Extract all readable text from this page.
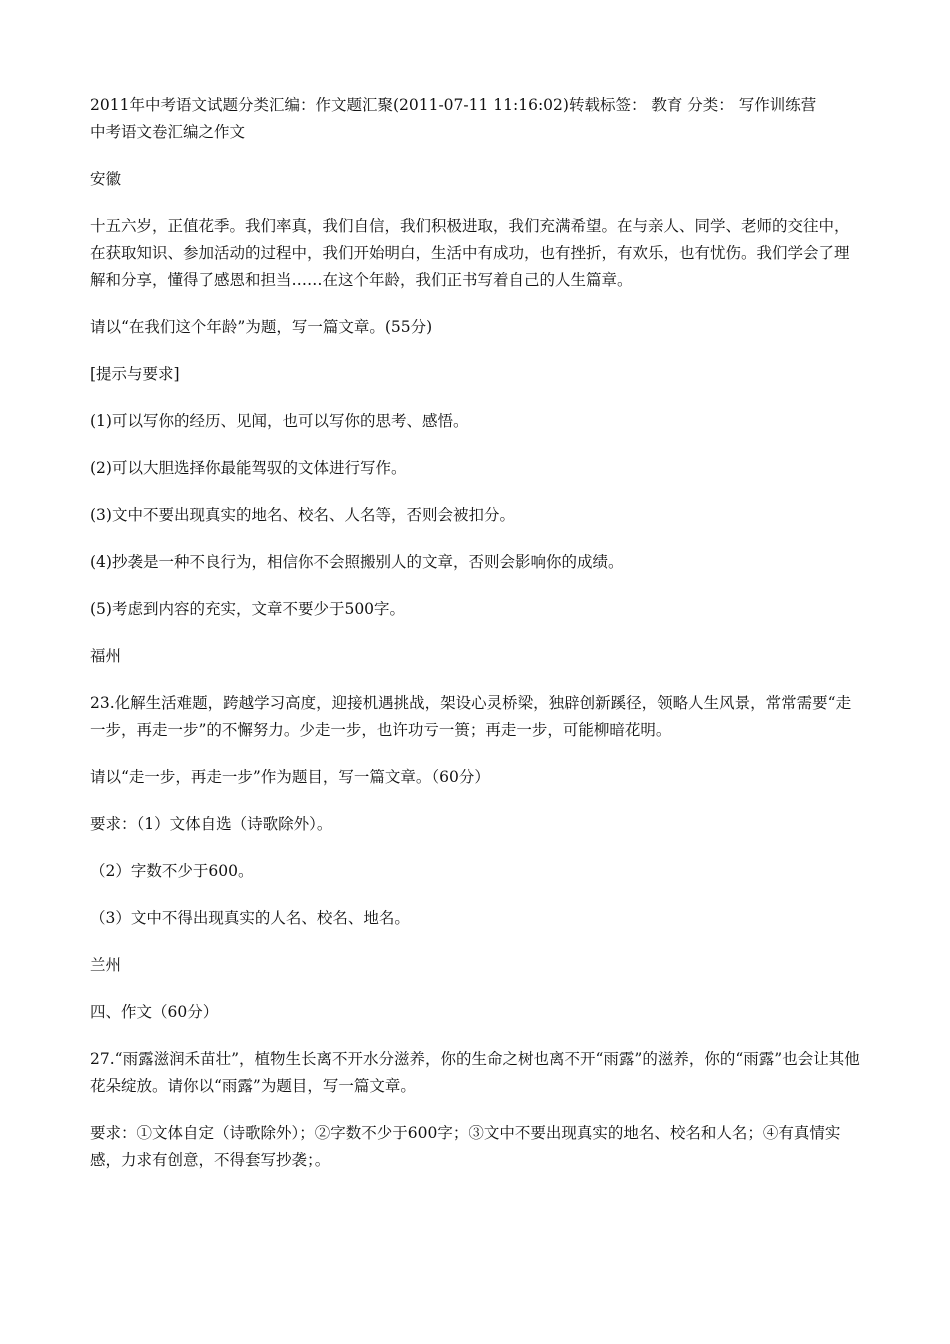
2011年中考语文试题分类汇编：作文题汇聚(2011-07-11 11:16:02)转载标签： 教育 分类： 写作训练营
中考语文卷汇编之作文
安徽
十五六岁，正值花季。我们率真，我们自信，我们积极进取，我们充满希望。在与亲人、同学、老师的交往中，在获取知识、参加活动的过程中，我们开始明白，生活中有成功，也有挫折，有欢乐，也有忧伤。我们学会了理解和分享，懂得了感恩和担当……在这个年龄，我们正书写着自己的人生篇章。
请以“在我们这个年龄”为题，写一篇文章。(55分)
[提示与要求]
(1)可以写你的经历、见闻，也可以写你的思考、感悟。
(2)可以大胆选择你最能驾驭的文体进行写作。
(3)文中不要出现真实的地名、校名、人名等，否则会被扣分。
(4)抄袭是一种不良行为，相信你不会照搬别人的文章，否则会影响你的成绩。
(5)考虑到内容的充实，文章不要少于500字。
福州
23.化解生活难题，跨越学习高度，迎接机遇挑战，架设心灵桥梁，独辟创新蹊径，领略人生风景，常常需要“走一步，再走一步”的不懈努力。少走一步，也许功亏一篑；再走一步，可能柳暗花明。
请以“走一步，再走一步”作为题目，写一篇文章。（60分）
要求：（1）文体自选（诗歌除外）。
（2）字数不少于600。
（3）文中不得出现真实的人名、校名、地名。
兰州
四、作文（60分）
27.“雨露滋润禾苗壮”，植物生长离不开水分滋养，你的生命之树也离不开“雨露”的滋养，你的“雨露”也会让其他花朵绽放。请你以“雨露”为题目，写一篇文章。
要求：①文体自定（诗歌除外）；②字数不少于600字；③文中不要出现真实的地名、校名和人名；④有真情实感，力求有创意，不得套写抄袭；。
